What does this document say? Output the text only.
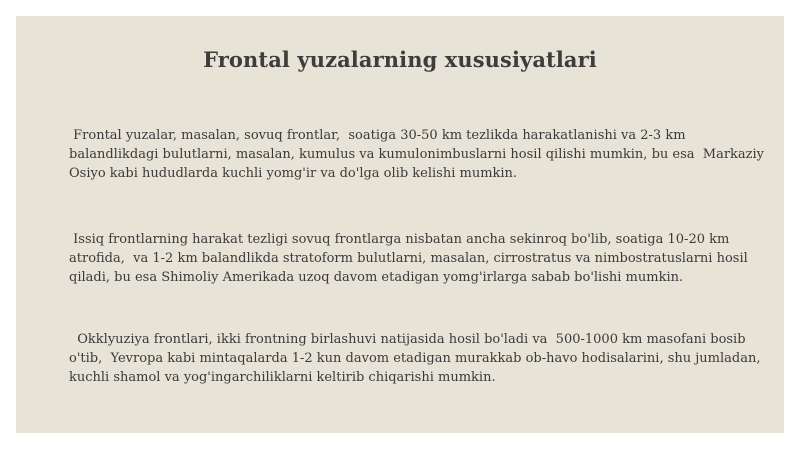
Frontal yuzalarning xususiyatlari

Frontal yuzalar, masalan, sovuq frontlar,  soatiga 30-50 km tezlikda harakatlanishi va 2-3 km balandlikdagi bulutlarni, masalan, kumulus va kumulonimbuslarni hosil qilishi mumkin, bu esa  Markaziy Osiyo kabi hududlarda kuchli yomg'ir va do'lga olib kelishi mumkin.

Issiq frontlarning harakat tezligi sovuq frontlarga nisbatan ancha sekinroq bo'lib, soatiga 10-20 km atrofida,  va 1-2 km balandlikda stratoform bulutlarni, masalan, cirrostratus va nimbostratuslarni hosil qiladi, bu esa Shimoliy Amerikada uzoq davom etadigan yomg'irlarga sabab bo'lishi mumkin.

Okklyuziya frontlari, ikki frontning birlashuvi natijasida hosil bo'ladi va  500-1000 km masofani bosib o'tib,  Yevropa kabi mintaqalarda 1-2 kun davom etadigan murakkab ob-havo hodisalarini, shu jumladan, kuchli shamol va yog'ingarchiliklarni keltirib chiqarishi mumkin.
